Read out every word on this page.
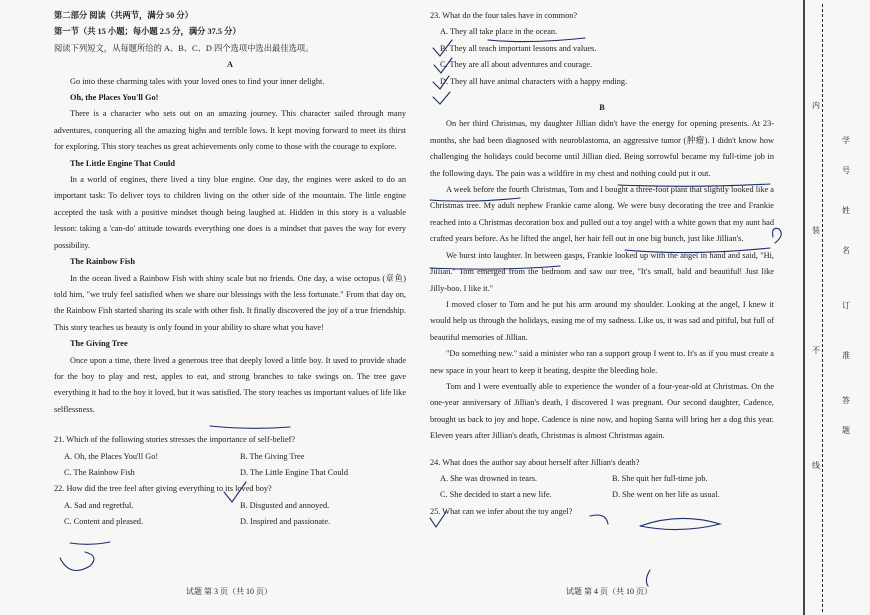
第二部分 阅读（共两节，满分 50 分）

第一节（共 15 小题；每小题 2.5 分，满分 37.5 分）

阅读下列短文，从每题所给的 A、B、C、D 四个选项中选出最佳选项。

A

Go into these charming tales with your loved ones to find your inner delight.

Oh, the Places You'll Go!

There is a character who sets out on an amazing journey. This character sailed through many adventures, conquering all the amazing highs and terrible lows. It kept moving forward to meet its thirst for exploring. This story teaches us great achievements only come to those with the courage to explore.

The Little Engine That Could

In a world of engines, there lived a tiny blue engine. One day, the engines were asked to do an important task: To deliver toys to children living on the other side of the mountain. The little engine accepted the task with a positive mindset though being laughed at. Hidden in this story is a valuable lesson: taking a 'can-do' attitude towards everything one does is a mindset that paves the way for every possibility.

The Rainbow Fish

In the ocean lived a Rainbow Fish with shiny scale but no friends. One day, a wise octopus (章鱼) told him, "we truly feel satisfied when we share our blessings with the less fortunate." From that day on, the Rainbow Fish started sharing its scale with other fish. It finally discovered the joy of a true friendship. This story teaches us beauty is only found in your ability to share what you have!

The Giving Tree

Once upon a time, there lived a generous tree that deeply loved a little boy. It used to provide shade for the boy to play and rest, apples to eat, and strong branches to take swings on. The tree gave everything it had to the boy it loved, but it was satisfied. The story teaches us important values of life like selflessness.

21. Which of the following stories stresses the importance of self-belief?

A. Oh, the Places You'll Go!	B. The Giving Tree
C. The Rainbow Fish	D. The Little Engine That Could

22. How did the tree feel after giving everything to its loved boy?

A. Sad and regretful.	B. Disgusted and annoyed.
C. Content and pleased.	D. Inspired and passionate.

23. What do the four tales have in common?

A. They all take place in the ocean.

B. They all teach important lessons and values.

C. They are all about adventures and courage.

D. They all have animal characters with a happy ending.

B

On her third Christmas, my daughter Jillian didn't have the energy for opening presents. At 23-months, she had been diagnosed with neuroblastoma, an aggressive tumor (肿瘤). I didn't know how challenging the holidays could become until Jillian died. Being sorrowful became my full-time job in the following days. The pain was a wildfire in my chest and nothing could put it out.

A week before the fourth Christmas, Tom and I bought a three-foot plant that slightly looked like a Christmas tree. My adult nephew Frankie came along. We were busy decorating the tree and Frankie reached into a Christmas decoration box and pulled out a toy angel with a white gown that my aunt had crafted years before. As he lifted the angel, her hair fell out in one big bunch, just like Jillian's.

We burst into laughter. In between gasps, Frankie looked up with the angel in hand and said, "Hi, Jillian." Tom emerged from the bedroom and saw our tree, "It's small, bald and beautiful! Just like Jilly-boo. I like it."

I moved closer to Tom and he put his arm around my shoulder. Looking at the angel, I knew it would help us through the holidays, easing me of my sadness. Like us, it was sad and pitiful, but full of beautiful memories of Jillian.

"Do something new." said a minister who ran a support group I went to. It's as if you must create a new space in your heart to keep it beating, despite the bleeding hole.

Tom and I were eventually able to experience the wonder of a four-year-old at Christmas. On the one-year anniversary of Jillian's death, I discovered I was pregnant. Our second daughter, Cadence, brought us back to joy and hope. Cadence is nine now, and hoping Santa will bring her a dog this year. Eleven years after Jillian's death, Christmas is almost Christmas again.

24. What does the author say about herself after Jillian's death?

A. She was drowned in tears.	B. She quit her full-time job.
C. She decided to start a new life.	D. She went on her life as usual.

25. What can we infer about the toy angel?

试题 第 3 页（共 10 页）	试题 第 4 页（共 10 页）
内
学
号
姓
名
装
订
不
准
线
答
题
